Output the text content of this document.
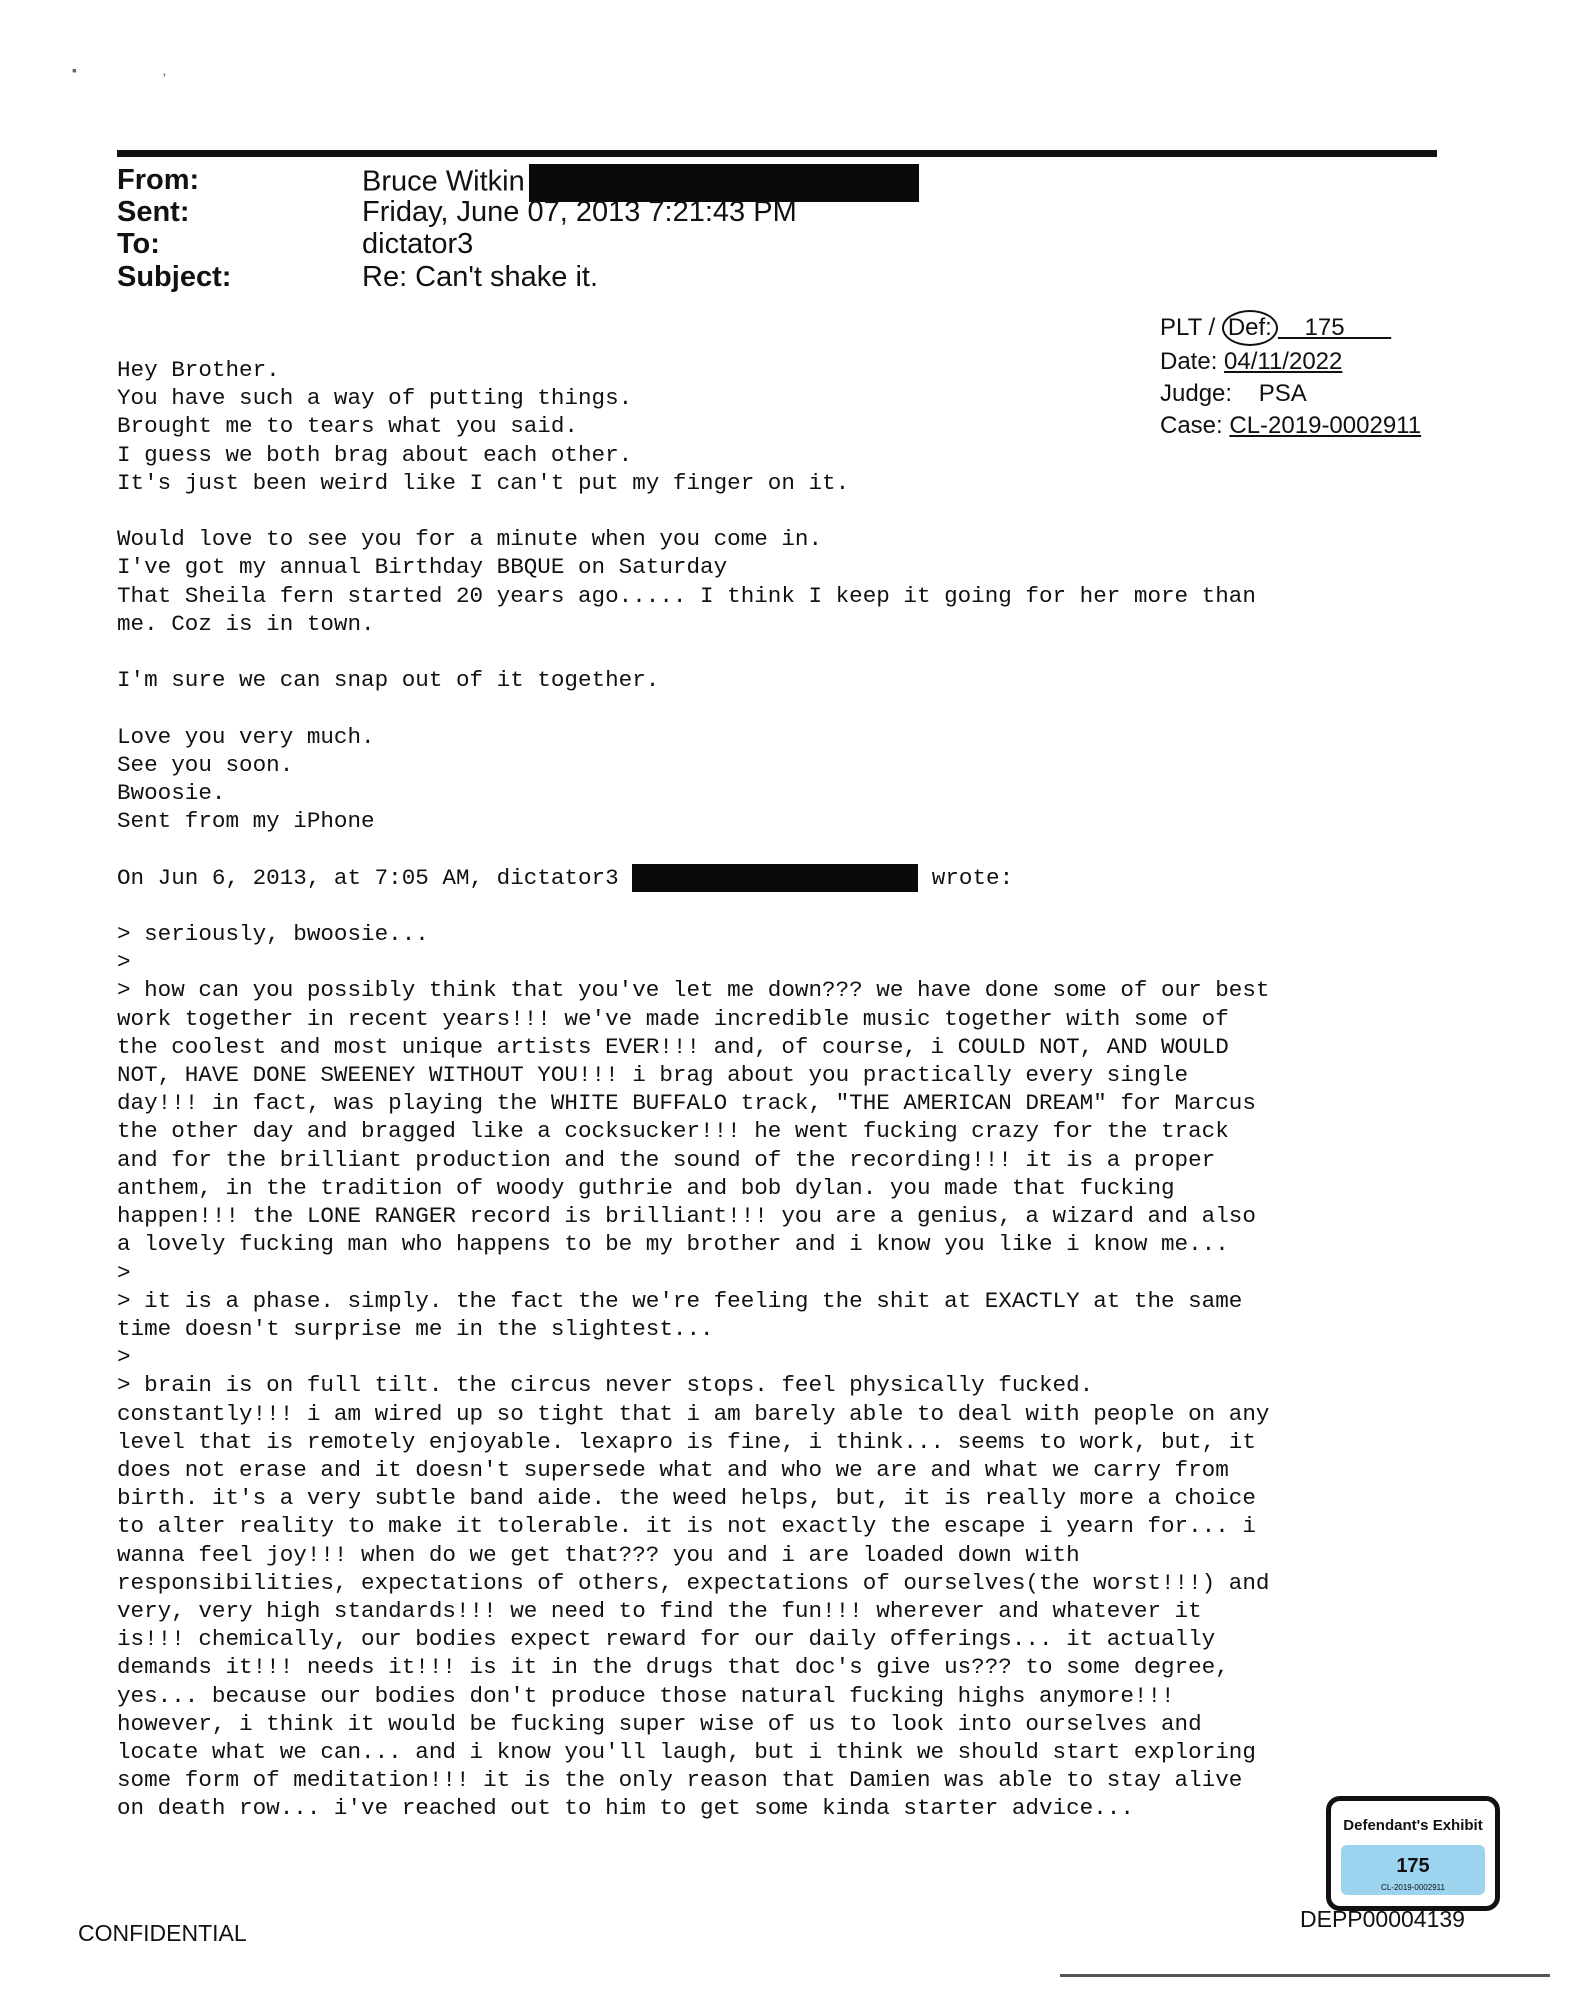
▪                      ,
From:	Bruce Witkin
Sent:	Friday, June 07, 2013 7:21:43 PM
To:	dictator3
Subject:	Re: Can't shake it.
PLT / Def: 175
Date: 04/11/2022
Judge: PSA
Case: CL-2019-0002911
Hey Brother.
You have such a way of putting things.
Brought me to tears what you said.
I guess we both brag about each other.
It's just been weird like I can't put my finger on it.

Would love to see you for a minute when you come in.
I've got my annual Birthday BBQUE on Saturday
That Sheila fern started 20 years ago..... I think I keep it going for her more than
me. Coz is in town.

I'm sure we can snap out of it together.

Love you very much.
See you soon.
Bwoosie.
Sent from my iPhone

On Jun 6, 2013, at 7:05 AM, dictator3	wrote:

> seriously, bwoosie...
>
> how can you possibly think that you've let me down??? we have done some of our best
work together in recent years!!! we've made incredible music together with some of
the coolest and most unique artists EVER!!! and, of course, i COULD NOT, AND WOULD
NOT, HAVE DONE SWEENEY WITHOUT YOU!!! i brag about you practically every single
day!!! in fact, was playing the WHITE BUFFALO track, "THE AMERICAN DREAM" for Marcus
the other day and bragged like a cocksucker!!! he went fucking crazy for the track
and for the brilliant production and the sound of the recording!!! it is a proper
anthem, in the tradition of woody guthrie and bob dylan. you made that fucking
happen!!! the LONE RANGER record is brilliant!!! you are a genius, a wizard and also
a lovely fucking man who happens to be my brother and i know you like i know me...
>
> it is a phase. simply. the fact the we're feeling the shit at EXACTLY at the same
time doesn't surprise me in the slightest...
>
> brain is on full tilt. the circus never stops. feel physically fucked.
constantly!!! i am wired up so tight that i am barely able to deal with people on any
level that is remotely enjoyable. lexapro is fine, i think... seems to work, but, it
does not erase and it doesn't supersede what and who we are and what we carry from
birth. it's a very subtle band aide. the weed helps, but, it is really more a choice
to alter reality to make it tolerable. it is not exactly the escape i yearn for... i
wanna feel joy!!! when do we get that??? you and i are loaded down with
responsibilities, expectations of others, expectations of ourselves(the worst!!!) and
very, very high standards!!! we need to find the fun!!! wherever and whatever it
is!!! chemically, our bodies expect reward for our daily offerings... it actually
demands it!!! needs it!!! is it in the drugs that doc's give us??? to some degree,
yes... because our bodies don't produce those natural fucking highs anymore!!!
however, i think it would be fucking super wise of us to look into ourselves and
locate what we can... and i know you'll laugh, but i think we should start exploring
some form of meditation!!! it is the only reason that Damien was able to stay alive
on death row... i've reached out to him to get some kinda starter advice...
Defendant's Exhibit
175
CL-2019-0002911
CONFIDENTIAL
DEPP00004139
